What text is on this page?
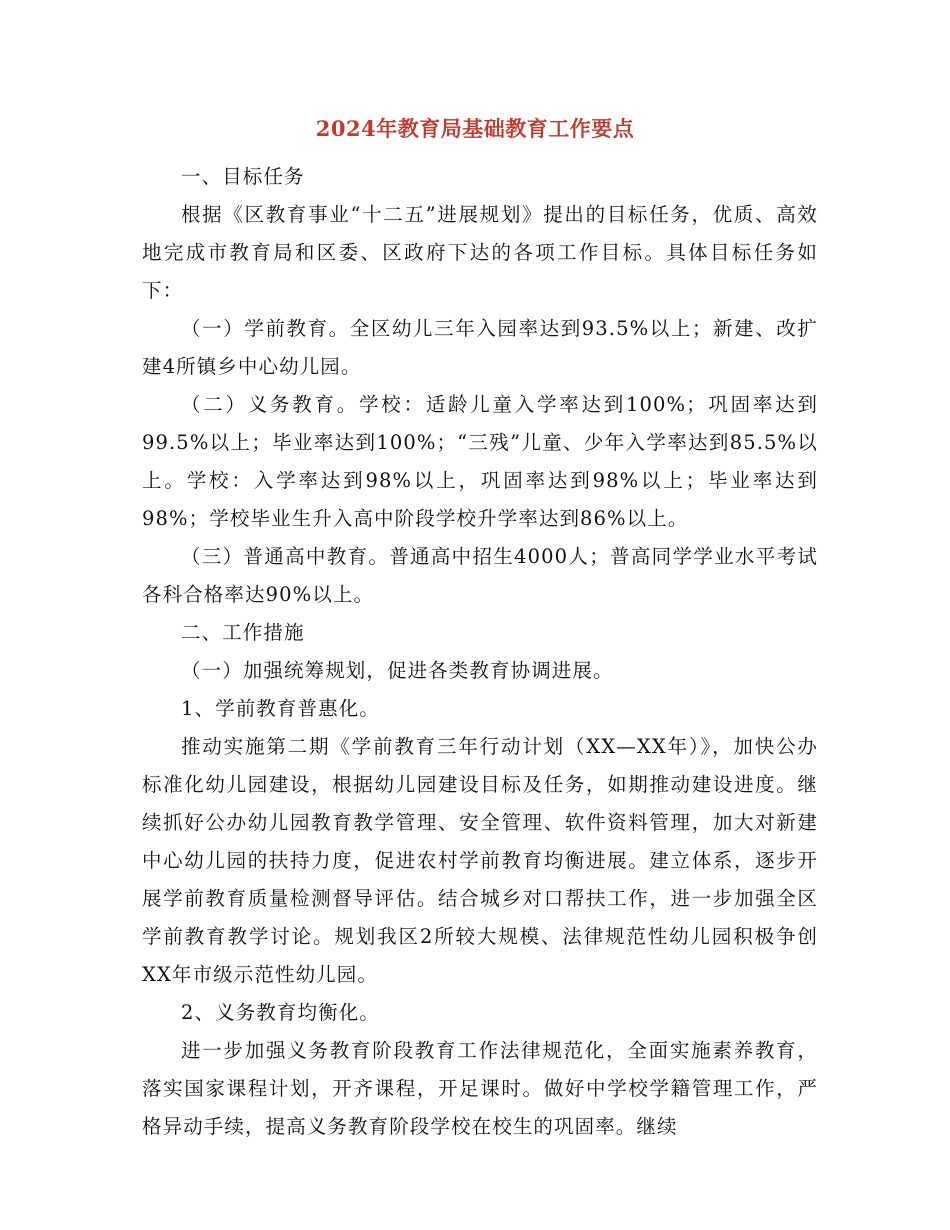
2024年教育局基础教育工作要点

一、目标任务

根据《区教育事业“十二五”进展规划》提出的目标任务，优质、高效地完成市教育局和区委、区政府下达的各项工作目标。具体目标任务如下：

（一）学前教育。全区幼儿三年入园率达到93.5%以上；新建、改扩建4所镇乡中心幼儿园。

（二）义务教育。学校：适龄儿童入学率达到100%；巩固率达到99.5%以上；毕业率达到100%；“三残”儿童、少年入学率达到85.5%以上。学校：入学率达到98%以上，巩固率达到98%以上；毕业率达到98%；学校毕业生升入高中阶段学校升学率达到86%以上。

（三）普通高中教育。普通高中招生4000人；普高同学学业水平考试各科合格率达90%以上。

二、工作措施

（一）加强统筹规划，促进各类教育协调进展。

1、学前教育普惠化。

推动实施第二期《学前教育三年行动计划（XX—XX年）》，加快公办标准化幼儿园建设，根据幼儿园建设目标及任务，如期推动建设进度。继续抓好公办幼儿园教育教学管理、安全管理、软件资料管理，加大对新建中心幼儿园的扶持力度，促进农村学前教育均衡进展。建立体系，逐步开展学前教育质量检测督导评估。结合城乡对口帮扶工作，进一步加强全区学前教育教学讨论。规划我区2所较大规模、法律规范性幼儿园积极争创XX年市级示范性幼儿园。

2、义务教育均衡化。

进一步加强义务教育阶段教育工作法律规范化，全面实施素养教育，落实国家课程计划，开齐课程，开足课时。做好中学校学籍管理工作，严格异动手续，提高义务教育阶段学校在校生的巩固率。继续
